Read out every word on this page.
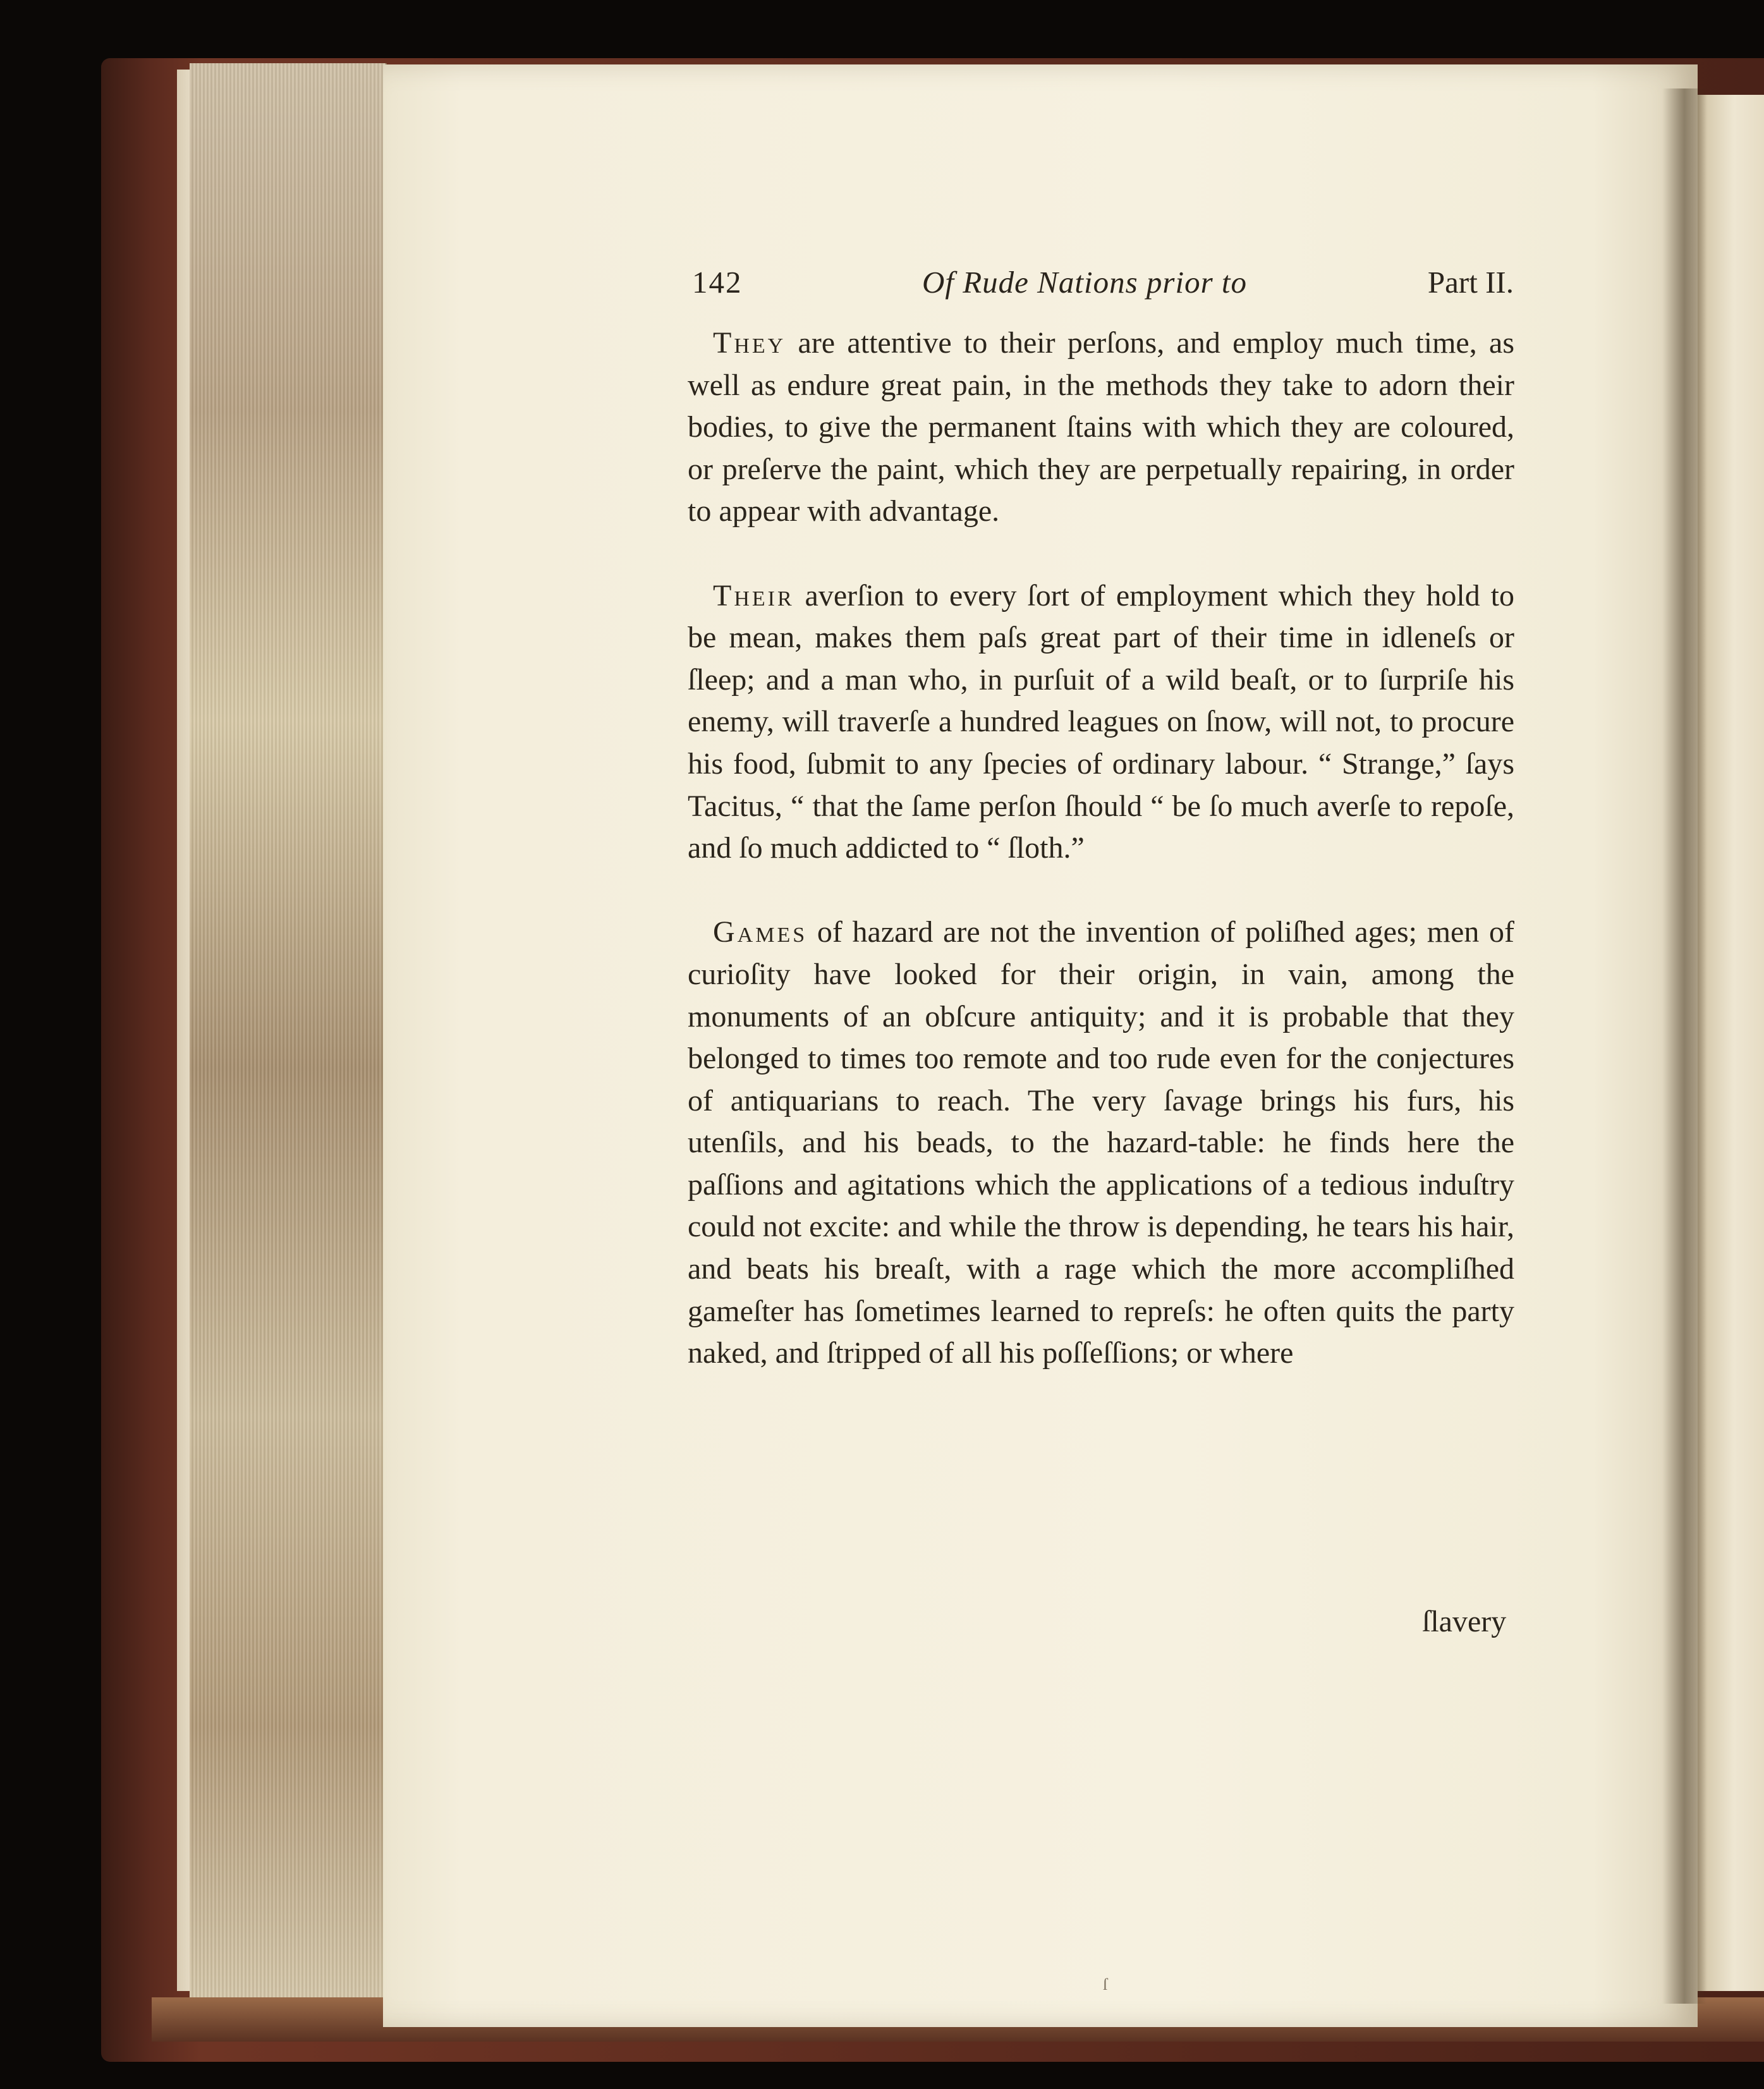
142	Of Rude Nations prior to	Part II.

They are attentive to their perſons, and employ much time, as well as endure great pain, in the methods they take to adorn their bodies, to give the permanent ſtains with which they are coloured, or preſerve the paint, which they are perpetually repairing, in order to appear with advantage.

Their averſion to every ſort of employment which they hold to be mean, makes them paſs great part of their time in idleneſs or ſleep; and a man who, in purſuit of a wild beaſt, or to ſurpriſe his enemy, will traverſe a hundred leagues on ſnow, will not, to procure his food, ſubmit to any ſpecies of ordinary labour. “ Strange,” ſays Tacitus, “ that the ſame perſon ſhould “ be ſo much averſe to repoſe, and ſo much addicted to “ ſloth.”

Games of hazard are not the invention of poliſhed ages; men of curioſity have looked for their origin, in vain, among the monuments of an obſcure antiquity; and it is probable that they belonged to times too remote and too rude even for the conjectures of antiquarians to reach. The very ſavage brings his furs, his utenſils, and his beads, to the hazard-table: he finds here the paſſions and agitations which the applications of a tedious induſtry could not excite: and while the throw is depending, he tears his hair, and beats his breaſt, with a rage which the more accompliſhed gameſter has ſometimes learned to repreſs: he often quits the party naked, and ſtripped of all his poſſeſſions; or where

ſlavery
ſ
